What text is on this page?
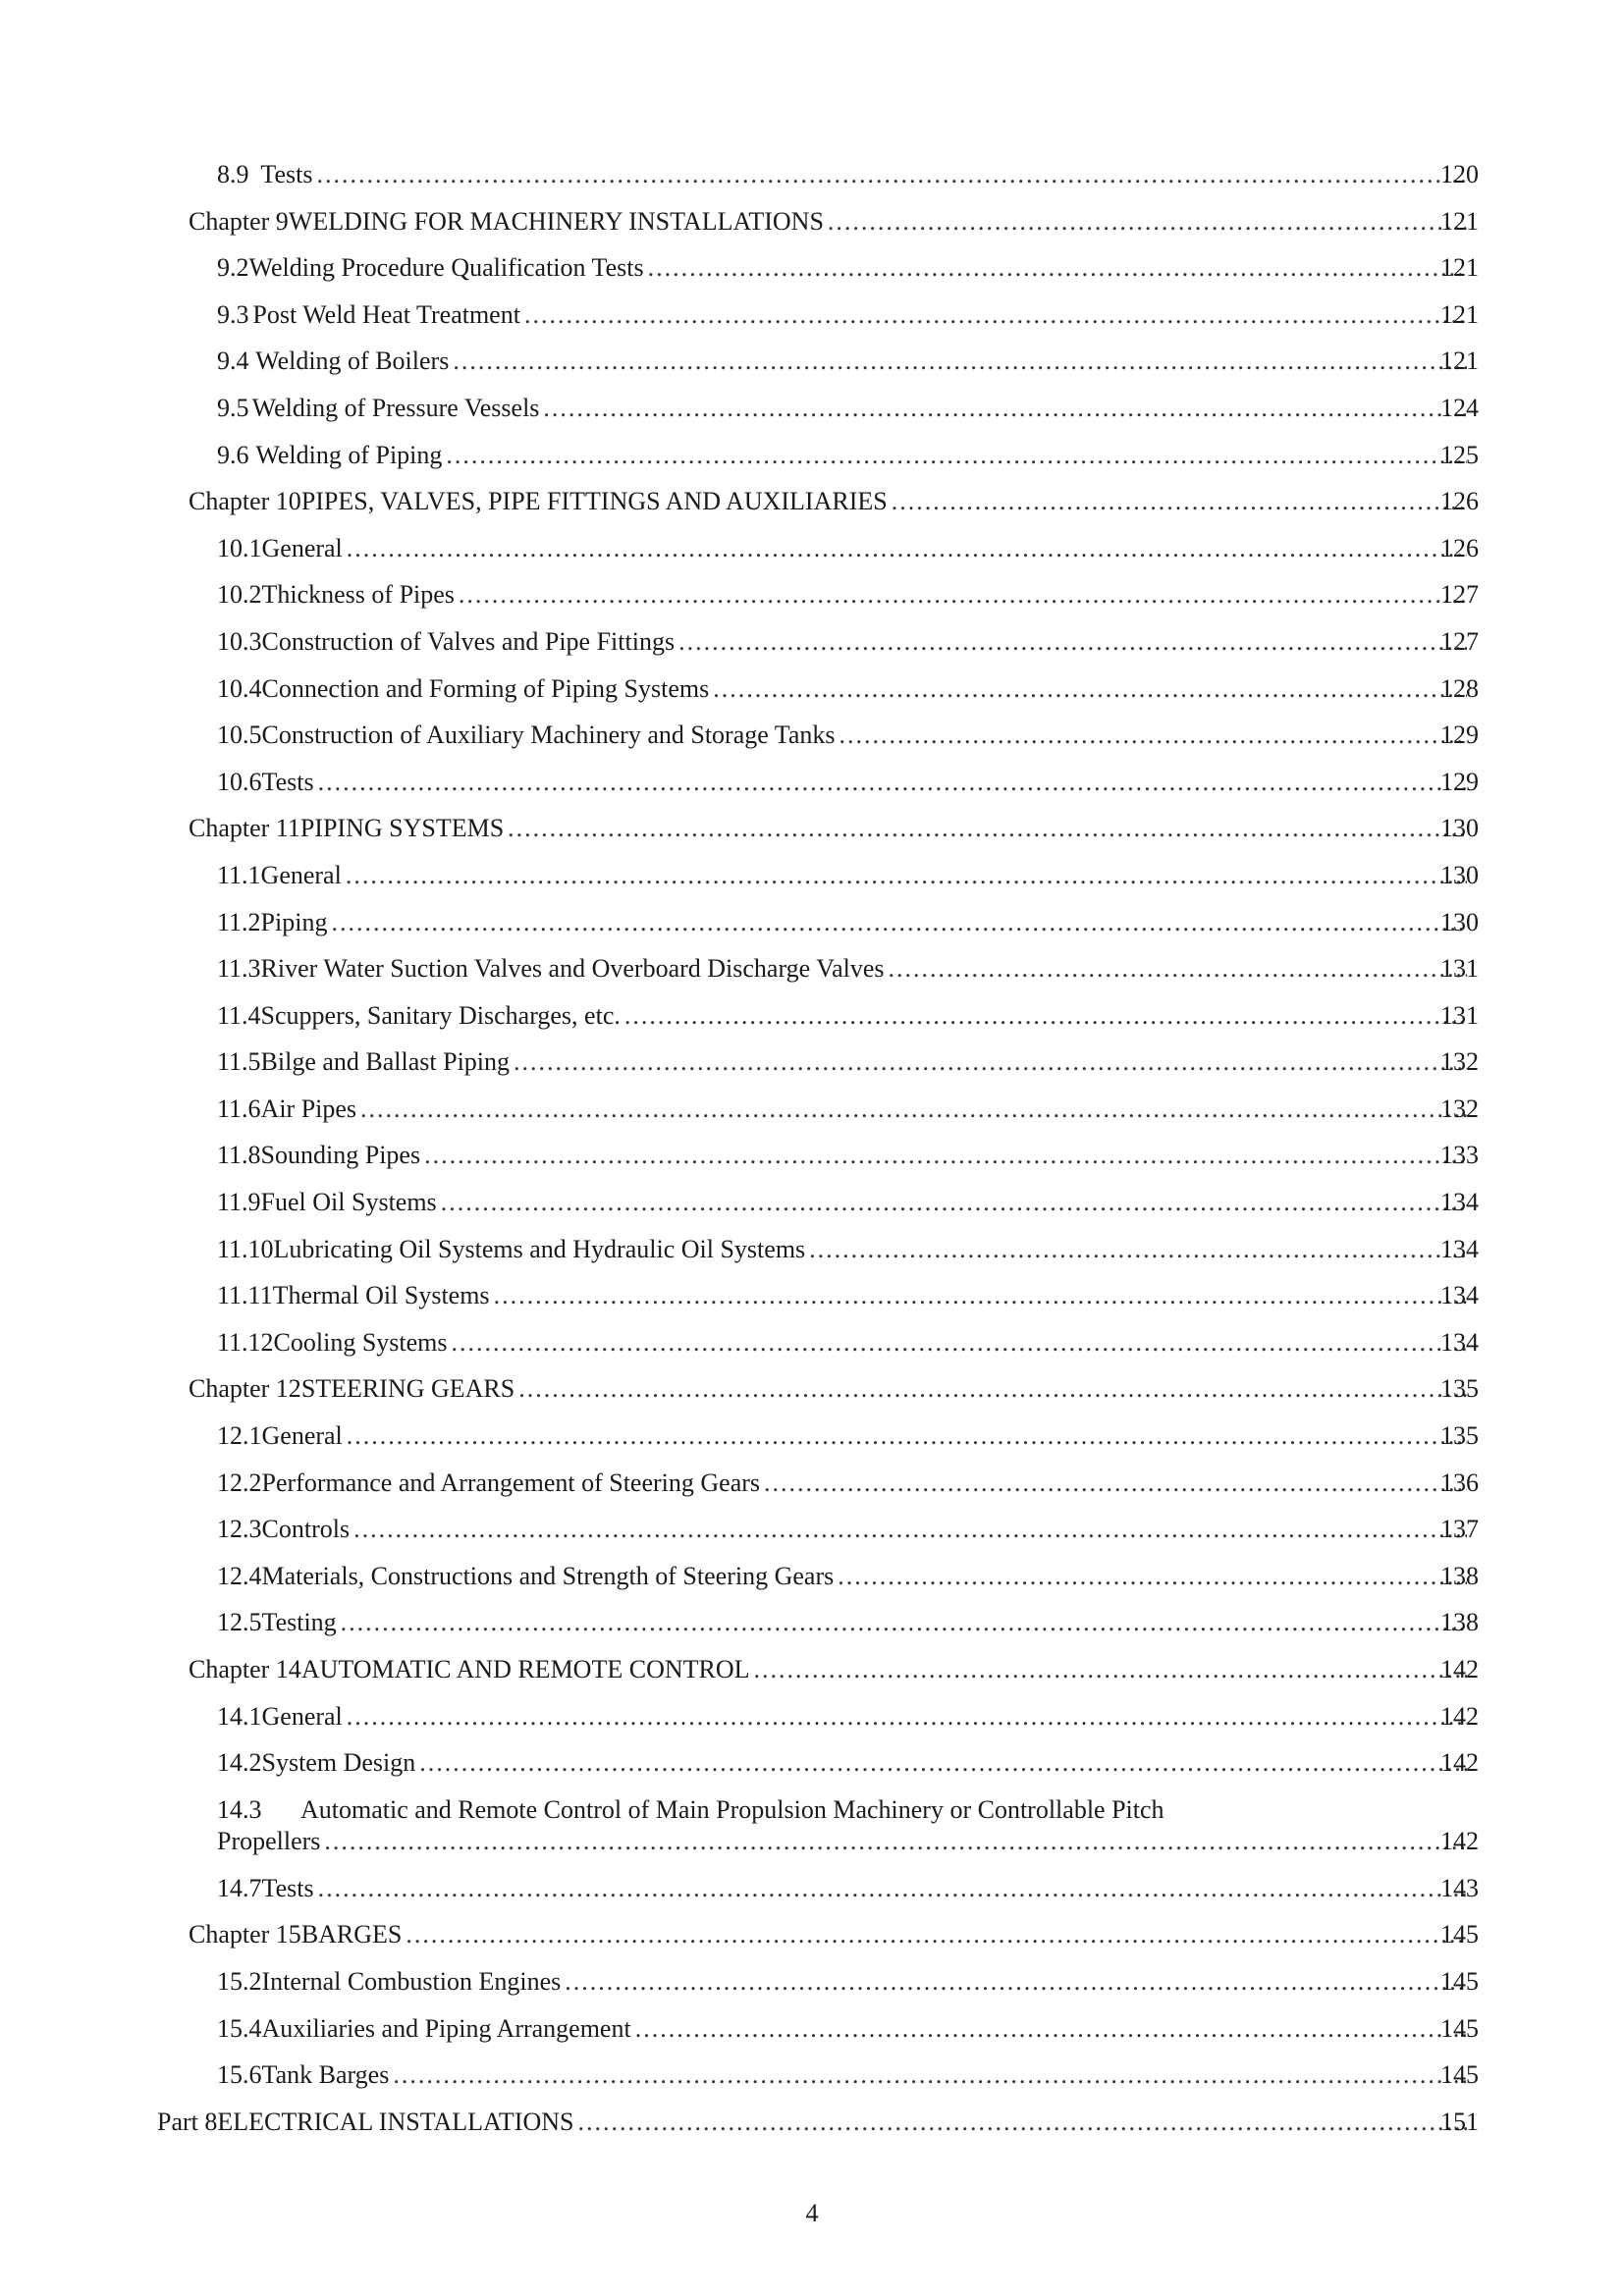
8.9 Tests .....	120
Chapter 9 WELDING FOR MACHINERY INSTALLATIONS .....	121
9.2 Welding Procedure Qualification Tests .....	121
9.3 Post Weld Heat Treatment .....	121
9.4 Welding of Boilers .....	121
9.5 Welding of Pressure Vessels .....	124
9.6 Welding of Piping .....	125
Chapter 10 PIPES, VALVES, PIPE FITTINGS AND AUXILIARIES .....	126
10.1 General .....	126
10.2 Thickness of Pipes .....	127
10.3 Construction of Valves and Pipe Fittings .....	127
10.4 Connection and Forming of Piping Systems .....	128
10.5 Construction of Auxiliary Machinery and Storage Tanks .....	129
10.6 Tests .....	129
Chapter 11 PIPING SYSTEMS .....	130
11.1 General .....	130
11.2 Piping .....	130
11.3 River Water Suction Valves and Overboard Discharge Valves .....	131
11.4 Scuppers, Sanitary Discharges, etc. .....	131
11.5 Bilge and Ballast Piping .....	132
11.6 Air Pipes .....	132
11.8 Sounding Pipes .....	133
11.9 Fuel Oil Systems .....	134
11.10 Lubricating Oil Systems and Hydraulic Oil Systems .....	134
11.11 Thermal Oil Systems .....	134
11.12 Cooling Systems .....	134
Chapter 12 STEERING GEARS .....	135
12.1 General .....	135
12.2 Performance and Arrangement of Steering Gears .....	136
12.3 Controls .....	137
12.4 Materials, Constructions and Strength of Steering Gears .....	138
12.5 Testing .....	138
Chapter 14 AUTOMATIC AND REMOTE CONTROL .....	142
14.1 General .....	142
14.2 System Design .....	142
14.3 Automatic and Remote Control of Main Propulsion Machinery or Controllable Pitch
Propellers .....	142
14.7 Tests .....	143
Chapter 15 BARGES .....	145
15.2 Internal Combustion Engines .....	145
15.4 Auxiliaries and Piping Arrangement .....	145
15.6 Tank Barges .....	145
Part 8 ELECTRICAL INSTALLATIONS .....	151
4
